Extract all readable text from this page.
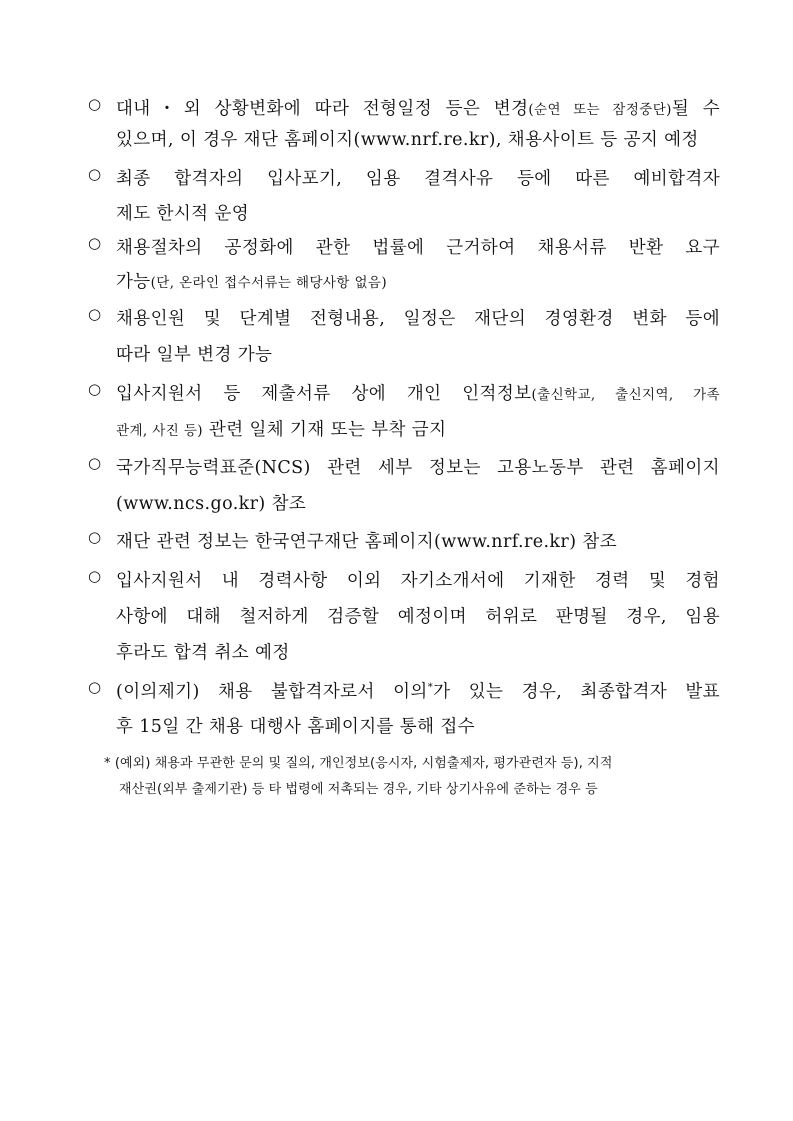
○ 대내・외 상황변화에 따라 전형일정 등은 변경(순연 또는 잠정중단)될 수
있으며, 이 경우 재단 홈페이지(www.nrf.re.kr), 채용사이트 등 공지 예정
○ 최종 합격자의 입사포기, 임용 결격사유 등에 따른 예비합격자
제도 한시적 운영
○ 채용절차의 공정화에 관한 법률에 근거하여 채용서류 반환 요구
가능(단, 온라인 접수서류는 해당사항 없음)
○ 채용인원 및 단계별 전형내용, 일정은 재단의 경영환경 변화 등에
따라 일부 변경 가능
○ 입사지원서 등 제출서류 상에 개인 인적정보(출신학교, 출신지역, 가족
관계, 사진 등) 관련 일체 기재 또는 부착 금지
○ 국가직무능력표준(NCS) 관련 세부 정보는 고용노동부 관련 홈페이지
(www.ncs.go.kr) 참조
○ 재단 관련 정보는 한국연구재단 홈페이지(www.nrf.re.kr) 참조
○ 입사지원서 내 경력사항 이외 자기소개서에 기재한 경력 및 경험
사항에 대해 철저하게 검증할 예정이며 허위로 판명될 경우, 임용
후라도 합격 취소 예정
○ (이의제기) 채용 불합격자로서 이의*가 있는 경우, 최종합격자 발표
후 15일 간 채용 대행사 홈페이지를 통해 접수
* (예외) 채용과 무관한 문의 및 질의, 개인정보(응시자, 시험출제자, 평가관련자 등), 지적
재산권(외부 출제기관) 등 타 법령에 저촉되는 경우, 기타 상기사유에 준하는 경우 등
